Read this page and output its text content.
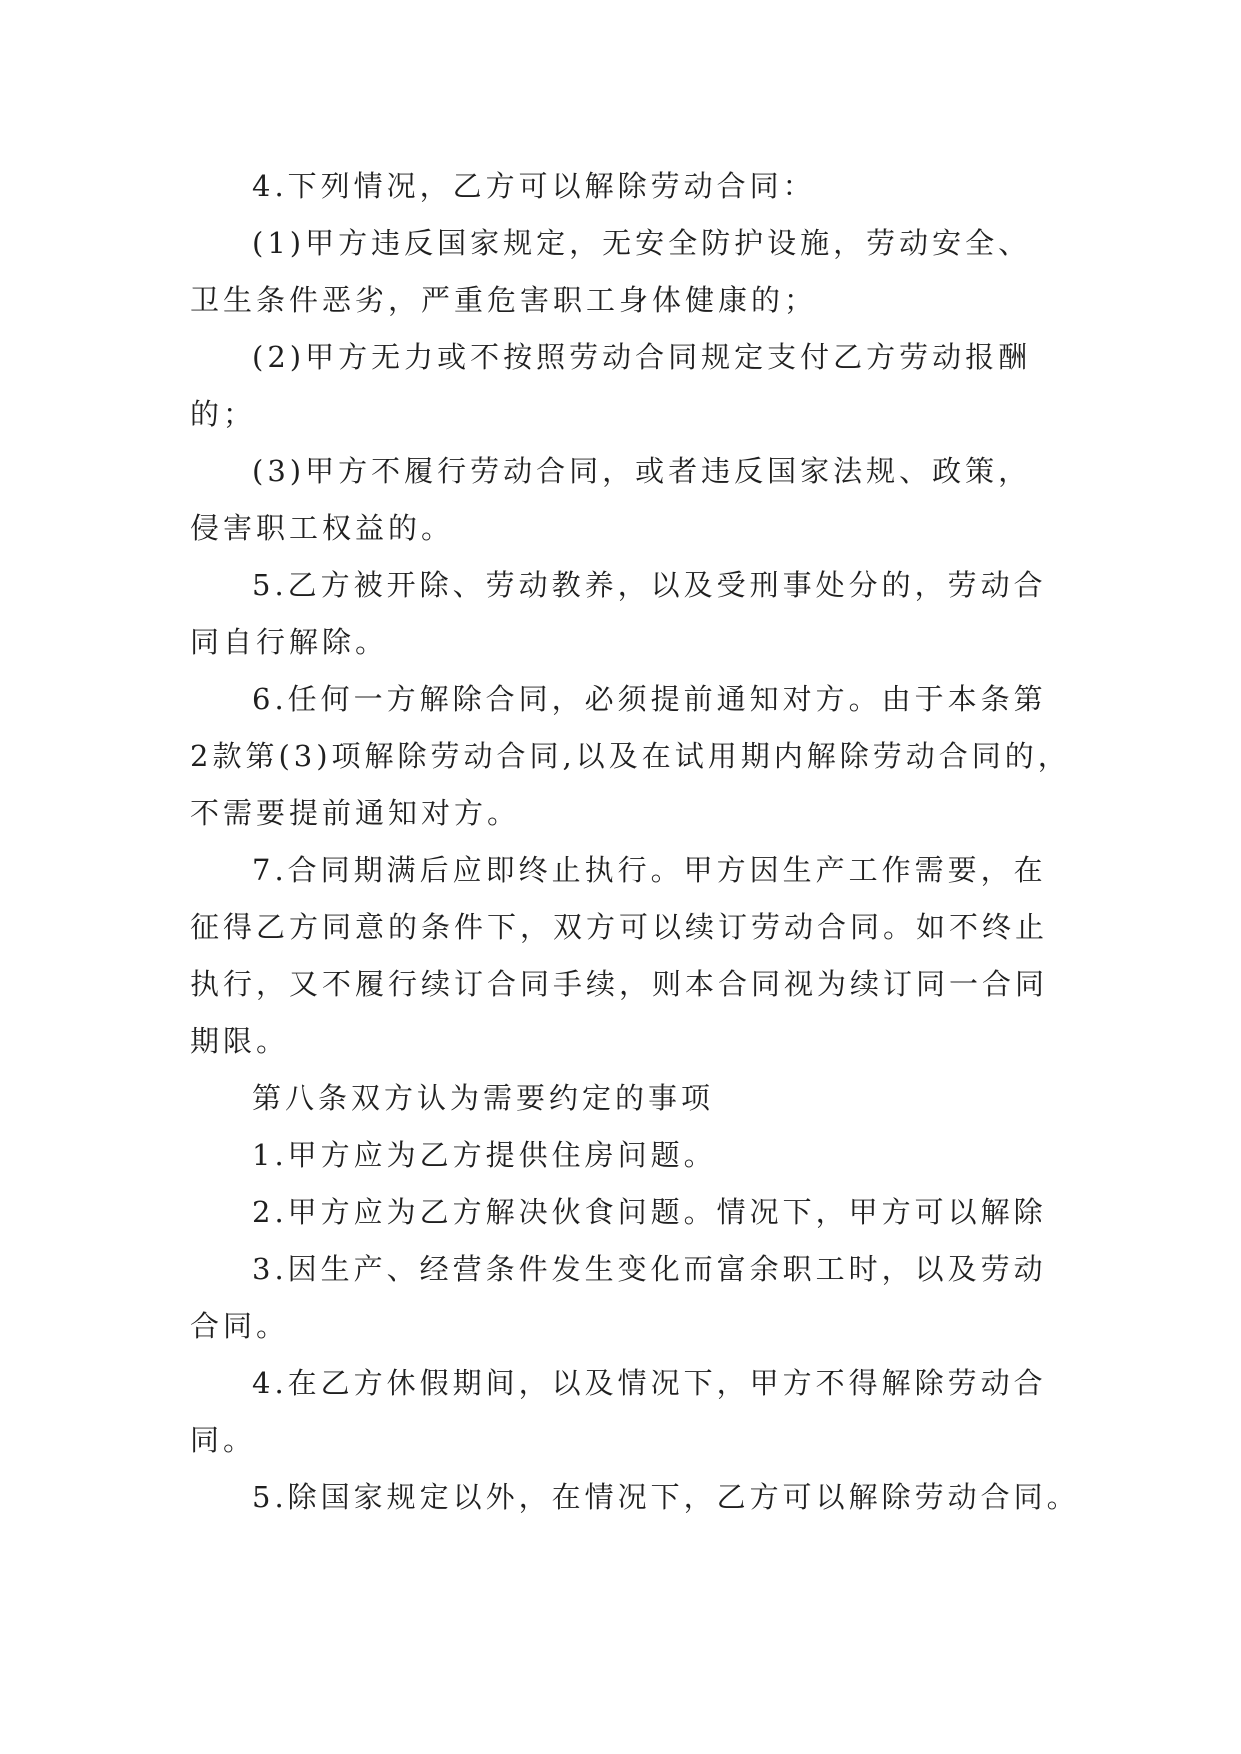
4.下列情况，乙方可以解除劳动合同：
(1)甲方违反国家规定，无安全防护设施，劳动安全、
卫生条件恶劣，严重危害职工身体健康的；
(2)甲方无力或不按照劳动合同规定支付乙方劳动报酬
的；
(3)甲方不履行劳动合同，或者违反国家法规、政策，
侵害职工权益的。
5.乙方被开除、劳动教养，以及受刑事处分的，劳动合
同自行解除。
6.任何一方解除合同，必须提前通知对方。由于本条第
2款第(3)项解除劳动合同,以及在试用期内解除劳动合同的，
不需要提前通知对方。
7.合同期满后应即终止执行。甲方因生产工作需要，在
征得乙方同意的条件下，双方可以续订劳动合同。如不终止
执行，又不履行续订合同手续，则本合同视为续订同一合同
期限。
第八条双方认为需要约定的事项
1.甲方应为乙方提供住房问题。
2.甲方应为乙方解决伙食问题。情况下，甲方可以解除
3.因生产、经营条件发生变化而富余职工时，以及劳动
合同。
4.在乙方休假期间，以及情况下，甲方不得解除劳动合
同。
5.除国家规定以外，在情况下，乙方可以解除劳动合同。
